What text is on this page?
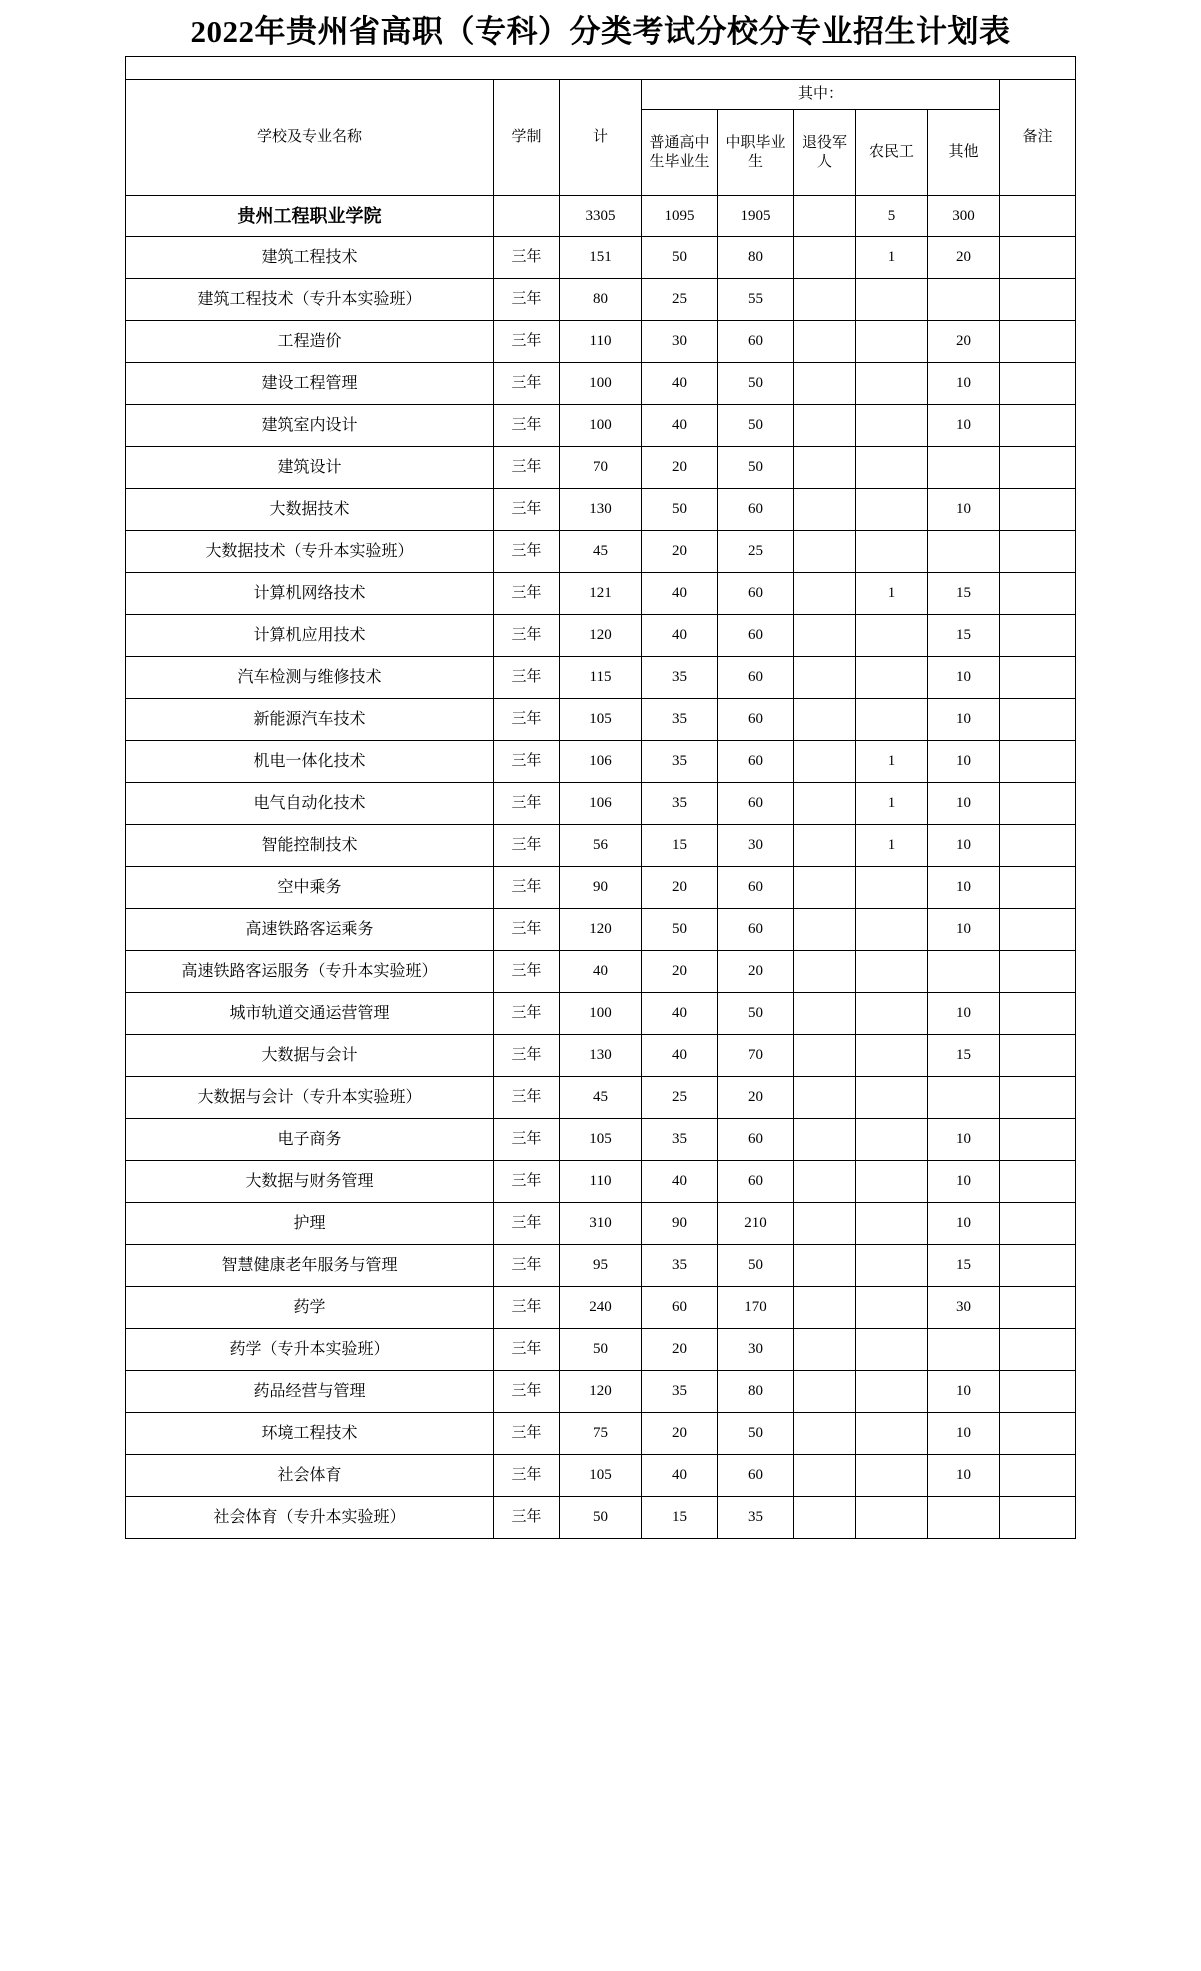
2022年贵州省高职（专科）分类考试分校分专业招生计划表

学校及专业名称	学制	计	其中：					备注

			普通高中生毕业生	中职毕业生	退役军人	农民工	其他	

贵州工程职业学院		3305	1095	1905		5	300	
建筑工程技术	三年	151	50	80		1	20	
建筑工程技术（专升本实验班）	三年	80	25	55				
工程造价	三年	110	30	60			20	
建设工程管理	三年	100	40	50			10	
建筑室内设计	三年	100	40	50			10	
建筑设计	三年	70	20	50				
大数据技术	三年	130	50	60			10	
大数据技术（专升本实验班）	三年	45	20	25				
计算机网络技术	三年	121	40	60		1	15	
计算机应用技术	三年	120	40	60			15	
汽车检测与维修技术	三年	115	35	60			10	
新能源汽车技术	三年	105	35	60			10	
机电一体化技术	三年	106	35	60		1	10	
电气自动化技术	三年	106	35	60		1	10	
智能控制技术	三年	56	15	30		1	10	
空中乘务	三年	90	20	60			10	
高速铁路客运乘务	三年	120	50	60			10	
高速铁路客运服务（专升本实验班）	三年	40	20	20				
城市轨道交通运营管理	三年	100	40	50			10	
大数据与会计	三年	130	40	70			15	
大数据与会计（专升本实验班）	三年	45	25	20				
电子商务	三年	105	35	60			10	
大数据与财务管理	三年	110	40	60			10	
护理	三年	310	90	210			10	
智慧健康老年服务与管理	三年	95	35	50			15	
药学	三年	240	60	170			30	
药学（专升本实验班）	三年	50	20	30				
药品经营与管理	三年	120	35	80			10	
环境工程技术	三年	75	20	50			10	
社会体育	三年	105	40	60			10	
社会体育（专升本实验班）	三年	50	15	35				
